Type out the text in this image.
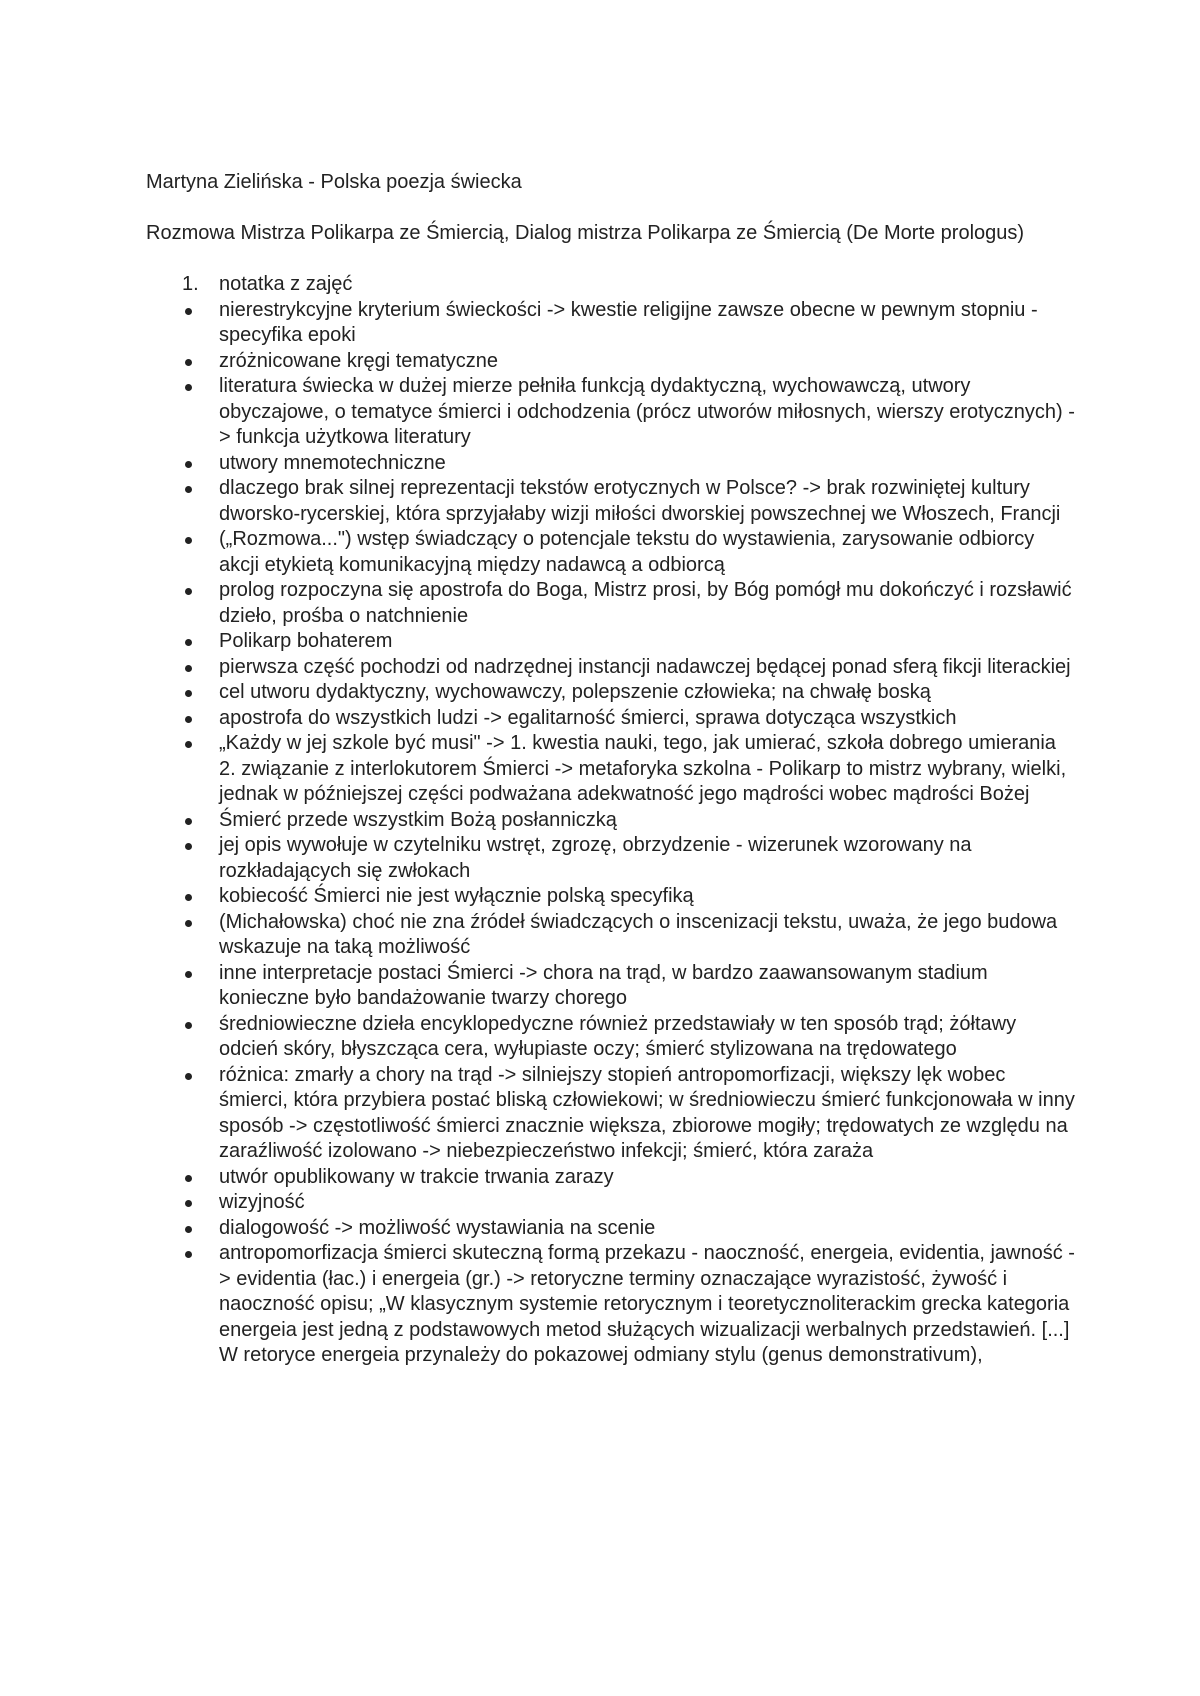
Martyna Zielińska - Polska poezja świecka
Rozmowa Mistrza Polikarpa ze Śmiercią, Dialog mistrza Polikarpa ze Śmiercią (De Morte prologus)
1. notatka z zajęć
nierestrykcyjne kryterium świeckości -> kwestie religijne zawsze obecne w pewnym stopniu - specyfika epoki
zróżnicowane kręgi tematyczne
literatura świecka w dużej mierze pełniła funkcją dydaktyczną, wychowawczą, utwory obyczajowe, o tematyce śmierci i odchodzenia (prócz utworów miłosnych, wierszy erotycznych) -> funkcja użytkowa literatury
utwory mnemotechniczne
dlaczego brak silnej reprezentacji tekstów erotycznych w Polsce? -> brak rozwiniętej kultury dworsko-rycerskiej, która sprzyjałaby wizji miłości dworskiej powszechnej we Włoszech, Francji
(„Rozmowa...") wstęp świadczący o potencjale tekstu do wystawienia, zarysowanie odbiorcy akcji etykietą komunikacyjną między nadawcą a odbiorcą
prolog rozpoczyna się apostrofa do Boga, Mistrz prosi, by Bóg pomógł mu dokończyć i rozsławić dzieło, prośba o natchnienie
Polikarp bohaterem
pierwsza część pochodzi od nadrzędnej instancji nadawczej będącej ponad sferą fikcji literackiej
cel utworu dydaktyczny, wychowawczy, polepszenie człowieka; na chwałę boską
apostrofa do wszystkich ludzi -> egalitarność śmierci, sprawa dotycząca wszystkich
„Każdy w jej szkole być musi" -> 1. kwestia nauki, tego, jak umierać, szkoła dobrego umierania 2. związanie z interlokutorem Śmierci -> metaforyka szkolna - Polikarp to mistrz wybrany, wielki, jednak w późniejszej części podważana adekwatność jego mądrości wobec mądrości Bożej
Śmierć przede wszystkim Bożą posłanniczką
jej opis wywołuje w czytelniku wstręt, zgrozę, obrzydzenie - wizerunek wzorowany na rozkładających się zwłokach
kobiecość Śmierci nie jest wyłącznie polską specyfiką
(Michałowska) choć nie zna źródeł świadczących o inscenizacji tekstu, uważa, że jego budowa wskazuje na taką możliwość
inne interpretacje postaci Śmierci -> chora na trąd, w bardzo zaawansowanym stadium konieczne było bandażowanie twarzy chorego
średniowieczne dzieła encyklopedyczne również przedstawiały w ten sposób trąd; żółtawy odcień skóry, błyszcząca cera, wyłupiaste oczy; śmierć stylizowana na trędowatego
różnica: zmarły a chory na trąd -> silniejszy stopień antropomorfizacji, większy lęk wobec śmierci, która przybiera postać bliską człowiekowi; w średniowieczu śmierć funkcjonowała w inny sposób -> częstotliwość śmierci znacznie większa, zbiorowe mogiły; trędowatych ze względu na zaraźliwość izolowano -> niebezpieczeństwo infekcji; śmierć, która zaraża
utwór opublikowany w trakcie trwania zarazy
wizyjność
dialogowość -> możliwość wystawiania na scenie
antropomorfizacja śmierci skuteczną formą przekazu - naoczność, energeia, evidentia, jawność -> evidentia (łac.) i energeia (gr.) -> retoryczne terminy oznaczające wyrazistość, żywość i naoczność opisu; „W klasycznym systemie retorycznym i teoretycznoliterackim grecka kategoria energeia jest jedną z podstawowych metod służących wizualizacji werbalnych przedstawień. [...] W retoryce energeia przynależy do pokazowej odmiany stylu (genus demonstrativum),
